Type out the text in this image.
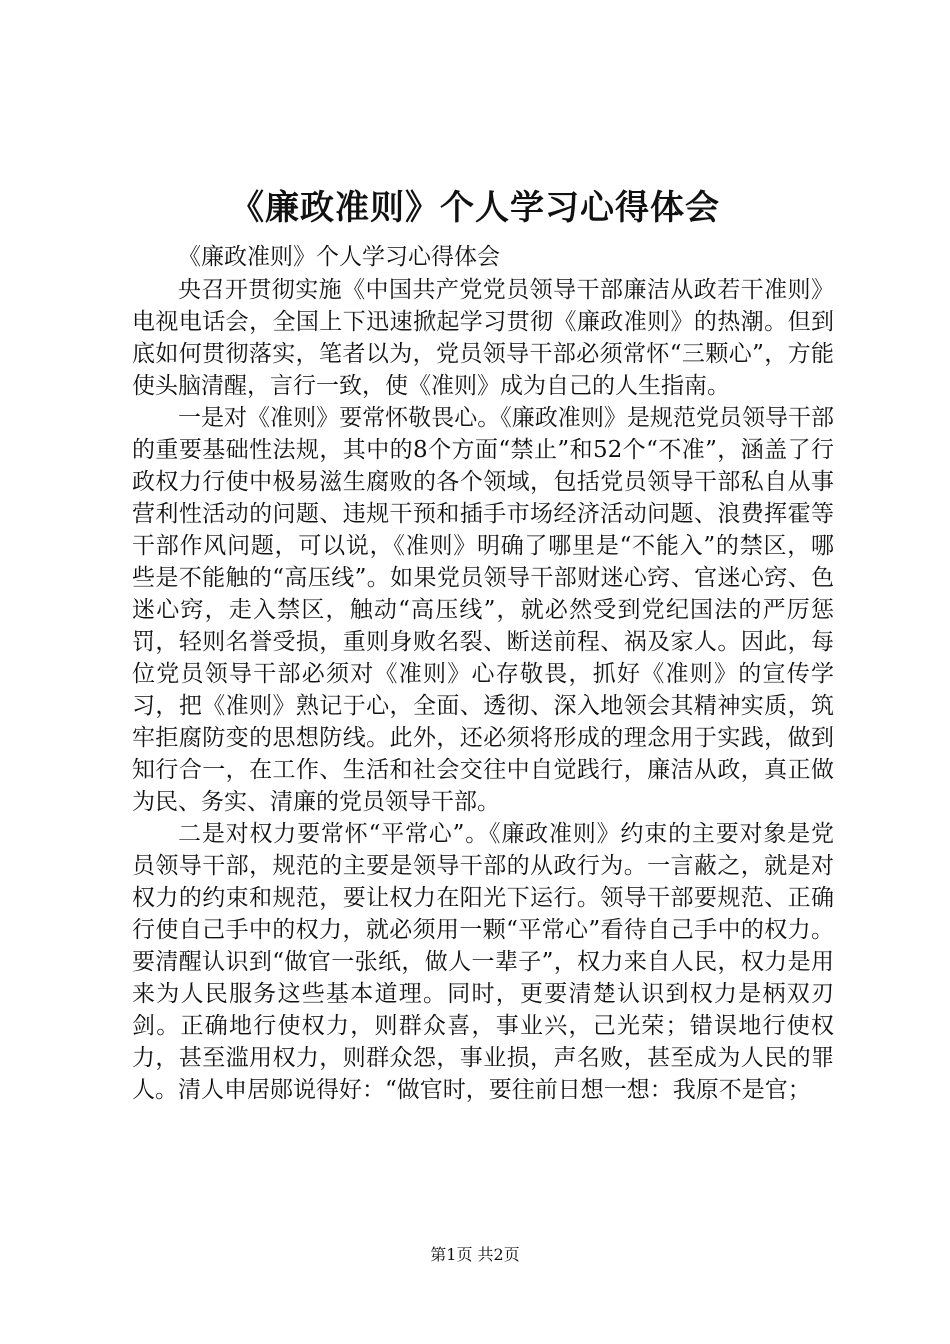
《廉政准则》个人学习心得体会

《廉政准则》个人学习心得体会

央召开贯彻实施《中国共产党党员领导干部廉洁从政若干准则》电视电话会，全国上下迅速掀起学习贯彻《廉政准则》的热潮。但到底如何贯彻落实，笔者以为，党员领导干部必须常怀“三颗心”，方能使头脑清醒，言行一致，使《准则》成为自己的人生指南。

一是对《准则》要常怀敬畏心。《廉政准则》是规范党员领导干部的重要基础性法规，其中的8个方面“禁止”和52个“不准”，涵盖了行政权力行使中极易滋生腐败的各个领域，包括党员领导干部私自从事营利性活动的问题、违规干预和插手市场经济活动问题、浪费挥霍等干部作风问题，可以说，《准则》明确了哪里是“不能入”的禁区，哪些是不能触的“高压线”。如果党员领导干部财迷心窍、官迷心窍、色迷心窍，走入禁区，触动“高压线”，就必然受到党纪国法的严厉惩罚，轻则名誉受损，重则身败名裂、断送前程、祸及家人。因此，每位党员领导干部必须对《准则》心存敬畏，抓好《准则》的宣传学习，把《准则》熟记于心，全面、透彻、深入地领会其精神实质，筑牢拒腐防变的思想防线。此外，还必须将形成的理念用于实践，做到知行合一，在工作、生活和社会交往中自觉践行，廉洁从政，真正做为民、务实、清廉的党员领导干部。

二是对权力要常怀“平常心”。《廉政准则》约束的主要对象是党员领导干部，规范的主要是领导干部的从政行为。一言蔽之，就是对权力的约束和规范，要让权力在阳光下运行。领导干部要规范、正确行使自己手中的权力，就必须用一颗“平常心”看待自己手中的权力。要清醒认识到“做官一张纸，做人一辈子”，权力来自人民，权力是用来为人民服务这些基本道理。同时，更要清楚认识到权力是柄双刃剑。正确地行使权力，则群众喜，事业兴，己光荣；错误地行使权力，甚至滥用权力，则群众怨，事业损，声名败，甚至成为人民的罪人。清人申居郧说得好：“做官时，要往前日想一想：我原不是官；

第1页 共2页
